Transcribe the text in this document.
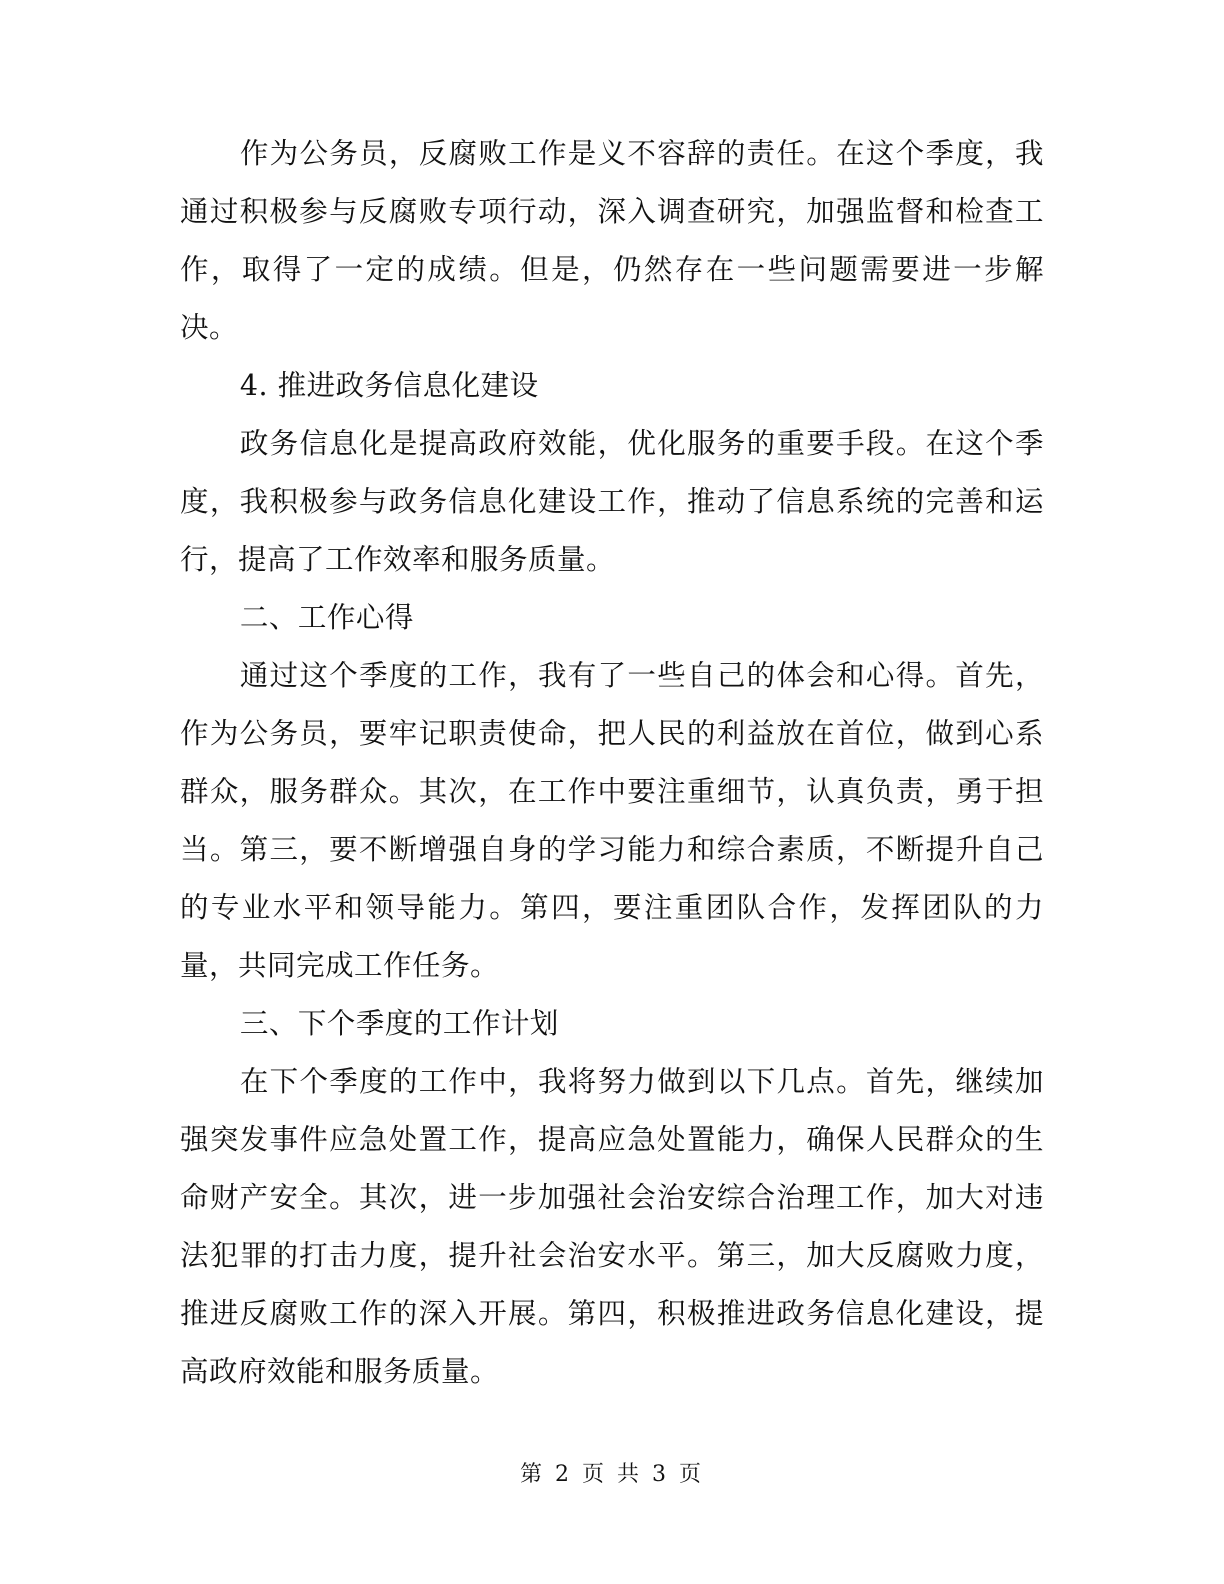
作为公务员，反腐败工作是义不容辞的责任。在这个季度，我通过积极参与反腐败专项行动，深入调查研究，加强监督和检查工作，取得了一定的成绩。但是，仍然存在一些问题需要进一步解决。

4. 推进政务信息化建设

政务信息化是提高政府效能，优化服务的重要手段。在这个季度，我积极参与政务信息化建设工作，推动了信息系统的完善和运行，提高了工作效率和服务质量。

二、工作心得

通过这个季度的工作，我有了一些自己的体会和心得。首先，作为公务员，要牢记职责使命，把人民的利益放在首位，做到心系群众，服务群众。其次，在工作中要注重细节，认真负责，勇于担当。第三，要不断增强自身的学习能力和综合素质，不断提升自己的专业水平和领导能力。第四，要注重团队合作，发挥团队的力量，共同完成工作任务。

三、下个季度的工作计划

在下个季度的工作中，我将努力做到以下几点。首先，继续加强突发事件应急处置工作，提高应急处置能力，确保人民群众的生命财产安全。其次，进一步加强社会治安综合治理工作，加大对违法犯罪的打击力度，提升社会治安水平。第三，加大反腐败力度，推进反腐败工作的深入开展。第四，积极推进政务信息化建设，提高政府效能和服务质量。

第 2 页 共 3 页
